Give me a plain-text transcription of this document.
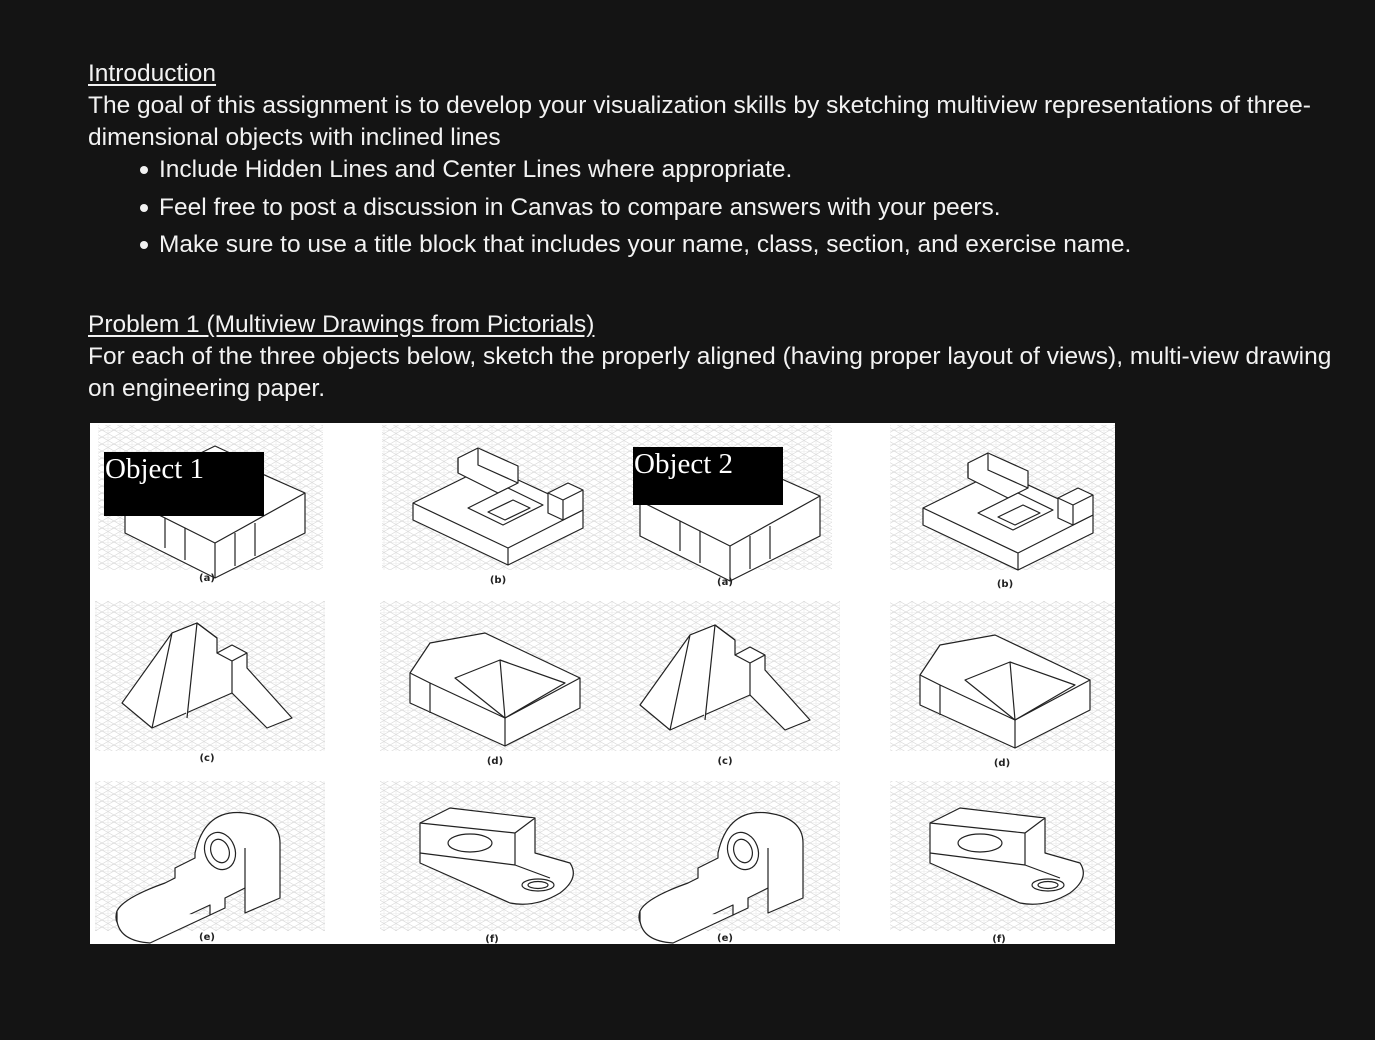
Introduction
The goal of this assignment is to develop your visualization skills by sketching multiview representations of three-dimensional objects with inclined lines
Include Hidden Lines and Center Lines where appropriate.
Feel free to post a discussion in Canvas to compare answers with your peers.
Make sure to use a title block that includes your name, class, section, and exercise name.
Problem 1 (Multiview Drawings from Pictorials)
For each of the three objects below, sketch the properly aligned (having proper layout of views), multi-view drawing on engineering paper.
(a)	(b)	(a)	(b)
(c)	(d)	(c)	(d)
(e)	(f)	(e)	(f)
Object 1	Object 2
